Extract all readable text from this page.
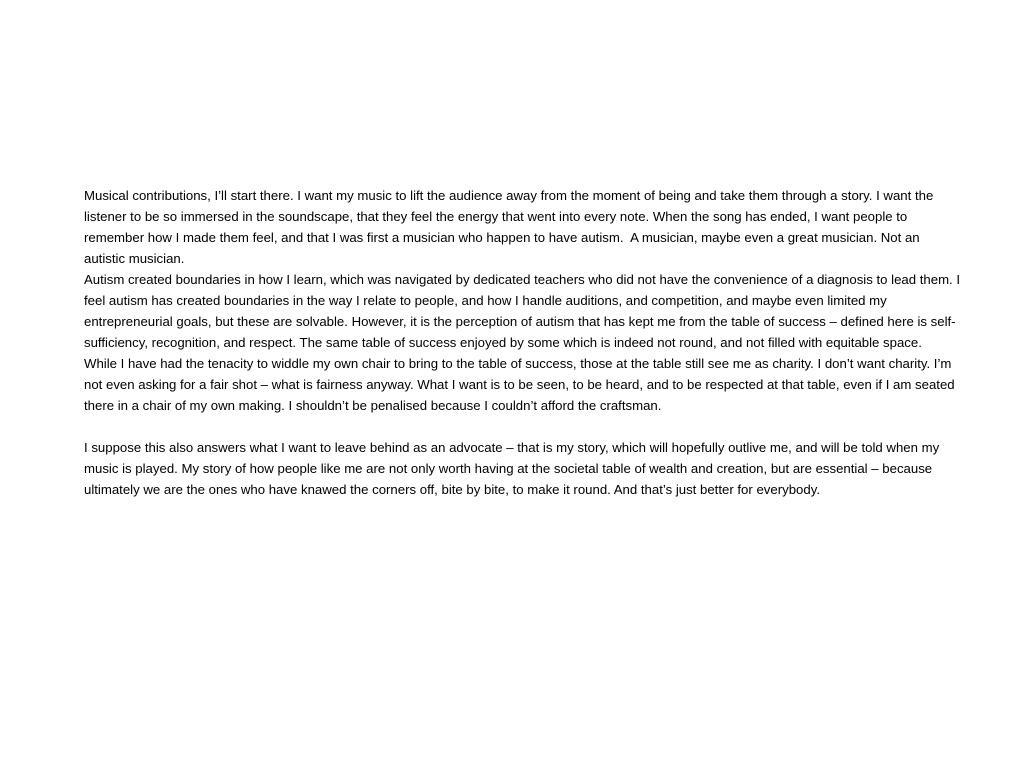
Musical contributions, I’ll start there. I want my music to lift the audience away from the moment of being and take them through a story. I want the listener to be so immersed in the soundscape, that they feel the energy that went into every note. When the song has ended, I want people to remember how I made them feel, and that I was first a musician who happen to have autism.  A musician, maybe even a great musician. Not an autistic musician.

Autism created boundaries in how I learn, which was navigated by dedicated teachers who did not have the convenience of a diagnosis to lead them. I feel autism has created boundaries in the way I relate to people, and how I handle auditions, and competition, and maybe even limited my entrepreneurial goals, but these are solvable. However, it is the perception of autism that has kept me from the table of success – defined here is self-sufficiency, recognition, and respect. The same table of success enjoyed by some which is indeed not round, and not filled with equitable space.

While I have had the tenacity to widdle my own chair to bring to the table of success, those at the table still see me as charity. I don’t want charity. I’m not even asking for a fair shot – what is fairness anyway. What I want is to be seen, to be heard, and to be respected at that table, even if I am seated there in a chair of my own making. I shouldn’t be penalised because I couldn’t afford the craftsman.

I suppose this also answers what I want to leave behind as an advocate – that is my story, which will hopefully outlive me, and will be told when my music is played. My story of how people like me are not only worth having at the societal table of wealth and creation, but are essential – because ultimately we are the ones who have knawed the corners off, bite by bite, to make it round. And that’s just better for everybody.
